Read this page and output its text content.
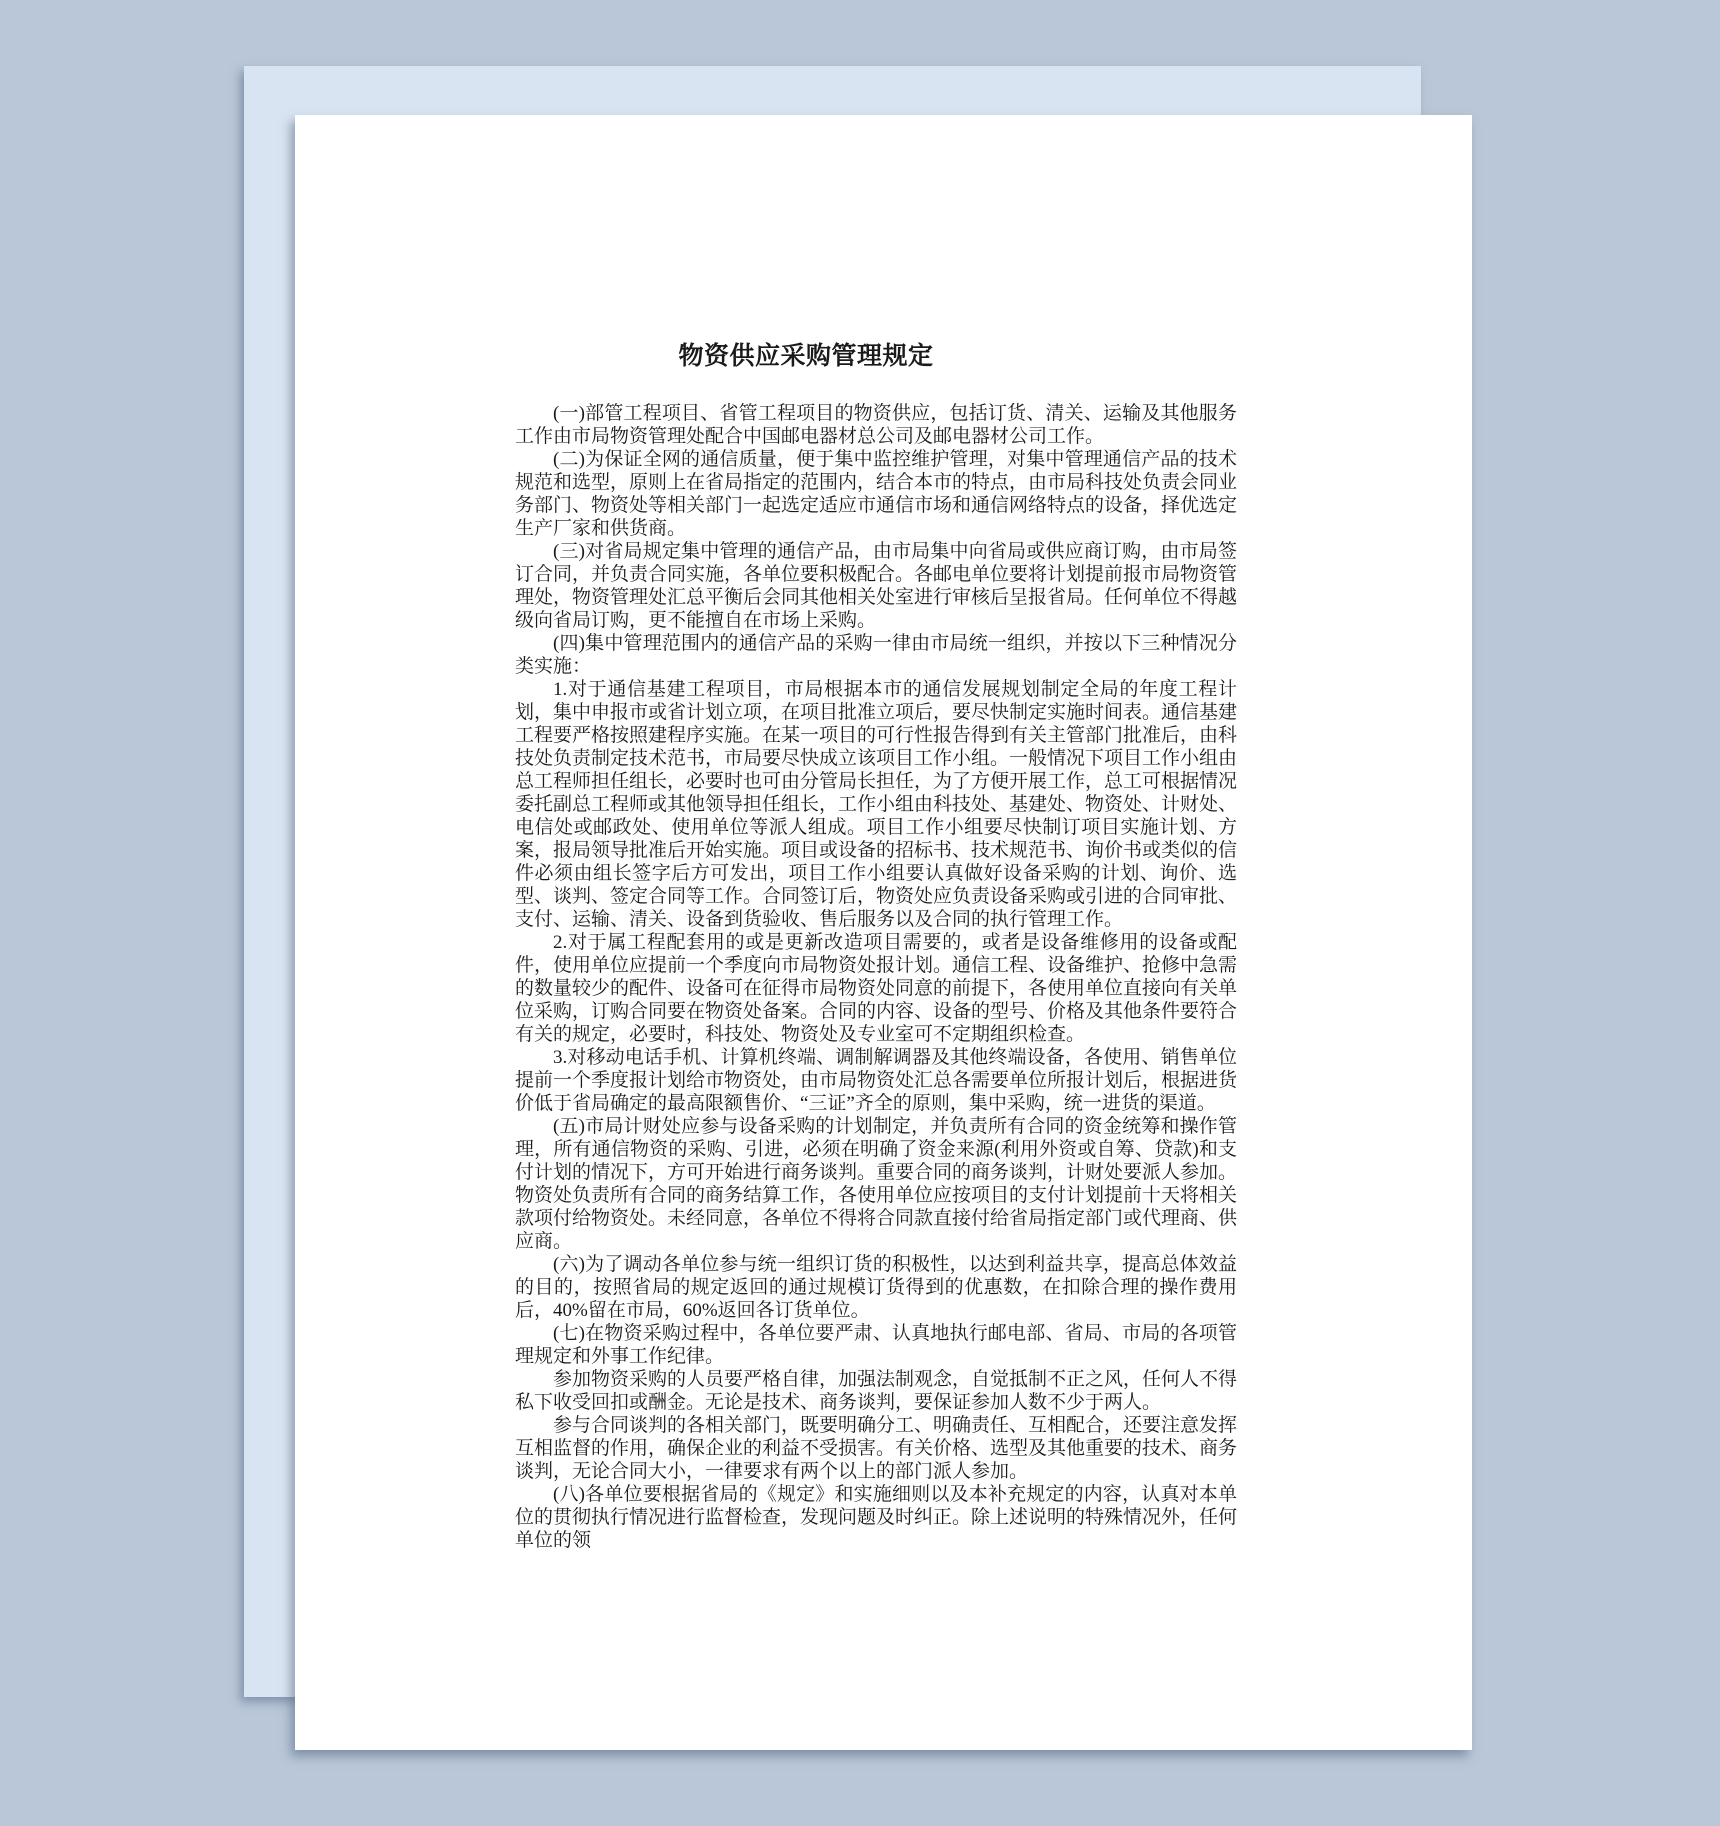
物资供应采购管理规定

(一)部管工程项目、省管工程项目的物资供应，包括订货、清关、运输及其他服务工作由市局物资管理处配合中国邮电器材总公司及邮电器材公司工作。

(二)为保证全网的通信质量，便于集中监控维护管理，对集中管理通信产品的技术规范和选型，原则上在省局指定的范围内，结合本市的特点，由市局科技处负责会同业务部门、物资处等相关部门一起选定适应市通信市场和通信网络特点的设备，择优选定生产厂家和供货商。

(三)对省局规定集中管理的通信产品，由市局集中向省局或供应商订购，由市局签订合同，并负责合同实施，各单位要积极配合。各邮电单位要将计划提前报市局物资管理处，物资管理处汇总平衡后会同其他相关处室进行审核后呈报省局。任何单位不得越级向省局订购，更不能擅自在市场上采购。

(四)集中管理范围内的通信产品的采购一律由市局统一组织，并按以下三种情况分类实施：

1.对于通信基建工程项目，市局根据本市的通信发展规划制定全局的年度工程计划，集中申报市或省计划立项，在项目批准立项后，要尽快制定实施时间表。通信基建工程要严格按照建程序实施。在某一项目的可行性报告得到有关主管部门批准后，由科技处负责制定技术范书，市局要尽快成立该项目工作小组。一般情况下项目工作小组由总工程师担任组长，必要时也可由分管局长担任，为了方便开展工作，总工可根据情况委托副总工程师或其他领导担任组长，工作小组由科技处、基建处、物资处、计财处、电信处或邮政处、使用单位等派人组成。项目工作小组要尽快制订项目实施计划、方案，报局领导批准后开始实施。项目或设备的招标书、技术规范书、询价书或类似的信件必须由组长签字后方可发出，项目工作小组要认真做好设备采购的计划、询价、选型、谈判、签定合同等工作。合同签订后，物资处应负责设备采购或引进的合同审批、支付、运输、清关、设备到货验收、售后服务以及合同的执行管理工作。

2.对于属工程配套用的或是更新改造项目需要的，或者是设备维修用的设备或配件，使用单位应提前一个季度向市局物资处报计划。通信工程、设备维护、抢修中急需的数量较少的配件、设备可在征得市局物资处同意的前提下，各使用单位直接向有关单位采购，订购合同要在物资处备案。合同的内容、设备的型号、价格及其他条件要符合有关的规定，必要时，科技处、物资处及专业室可不定期组织检查。

3.对移动电话手机、计算机终端、调制解调器及其他终端设备，各使用、销售单位提前一个季度报计划给市物资处，由市局物资处汇总各需要单位所报计划后，根据进货价低于省局确定的最高限额售价、“三证”齐全的原则，集中采购，统一进货的渠道。

(五)市局计财处应参与设备采购的计划制定，并负责所有合同的资金统筹和操作管理，所有通信物资的采购、引进，必须在明确了资金来源(利用外资或自筹、贷款)和支付计划的情况下，方可开始进行商务谈判。重要合同的商务谈判，计财处要派人参加。物资处负责所有合同的商务结算工作，各使用单位应按项目的支付计划提前十天将相关款项付给物资处。未经同意，各单位不得将合同款直接付给省局指定部门或代理商、供应商。

(六)为了调动各单位参与统一组织订货的积极性，以达到利益共享，提高总体效益的目的，按照省局的规定返回的通过规模订货得到的优惠数，在扣除合理的操作费用后，40%留在市局，60%返回各订货单位。

(七)在物资采购过程中，各单位要严肃、认真地执行邮电部、省局、市局的各项管理规定和外事工作纪律。

参加物资采购的人员要严格自律，加强法制观念，自觉抵制不正之风，任何人不得私下收受回扣或酬金。无论是技术、商务谈判，要保证参加人数不少于两人。

参与合同谈判的各相关部门，既要明确分工、明确责任、互相配合，还要注意发挥互相监督的作用，确保企业的利益不受损害。有关价格、选型及其他重要的技术、商务谈判，无论合同大小，一律要求有两个以上的部门派人参加。

(八)各单位要根据省局的《规定》和实施细则以及本补充规定的内容，认真对本单位的贯彻执行情况进行监督检查，发现问题及时纠正。除上述说明的特殊情况外，任何单位的领
